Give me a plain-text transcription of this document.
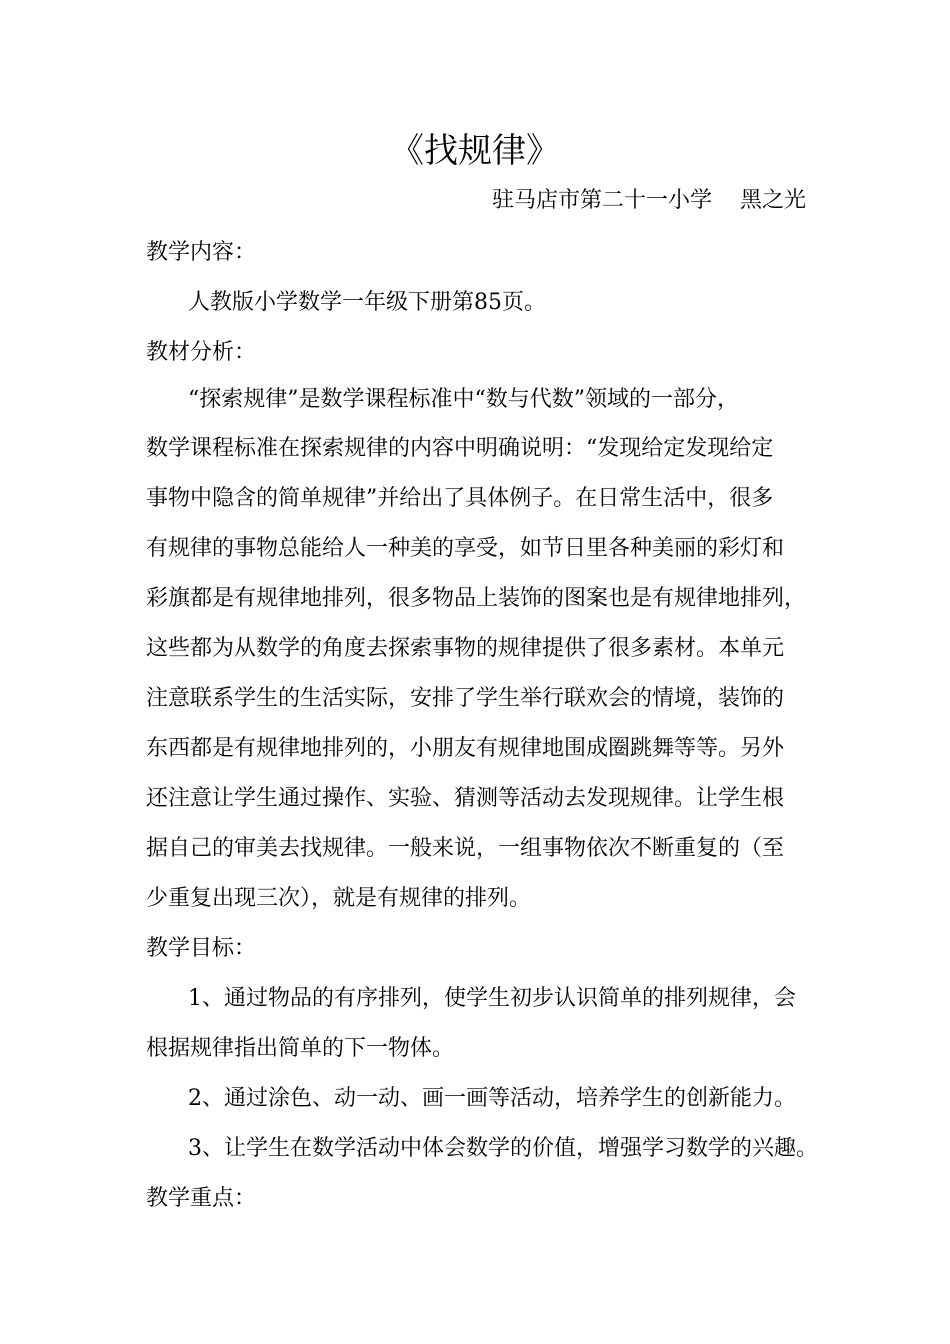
《找规律》
驻马店市第二十一小学    黑之光
教学内容：
人教版小学数学一年级下册第85页。
教材分析：
“探索规律”是数学课程标准中“数与代数”领域的一部分，
数学课程标准在探索规律的内容中明确说明：“发现给定发现给定
事物中隐含的简单规律”并给出了具体例子。在日常生活中，很多
有规律的事物总能给人一种美的享受，如节日里各种美丽的彩灯和
彩旗都是有规律地排列，很多物品上装饰的图案也是有规律地排列，
这些都为从数学的角度去探索事物的规律提供了很多素材。本单元
注意联系学生的生活实际，安排了学生举行联欢会的情境，装饰的
东西都是有规律地排列的，小朋友有规律地围成圈跳舞等等。另外
还注意让学生通过操作、实验、猜测等活动去发现规律。让学生根
据自己的审美去找规律。一般来说，一组事物依次不断重复的（至
少重复出现三次），就是有规律的排列。
教学目标：
1、通过物品的有序排列，使学生初步认识简单的排列规律，会
根据规律指出简单的下一物体。
2、通过涂色、动一动、画一画等活动，培养学生的创新能力。
3、让学生在数学活动中体会数学的价值，增强学习数学的兴趣。
教学重点：
